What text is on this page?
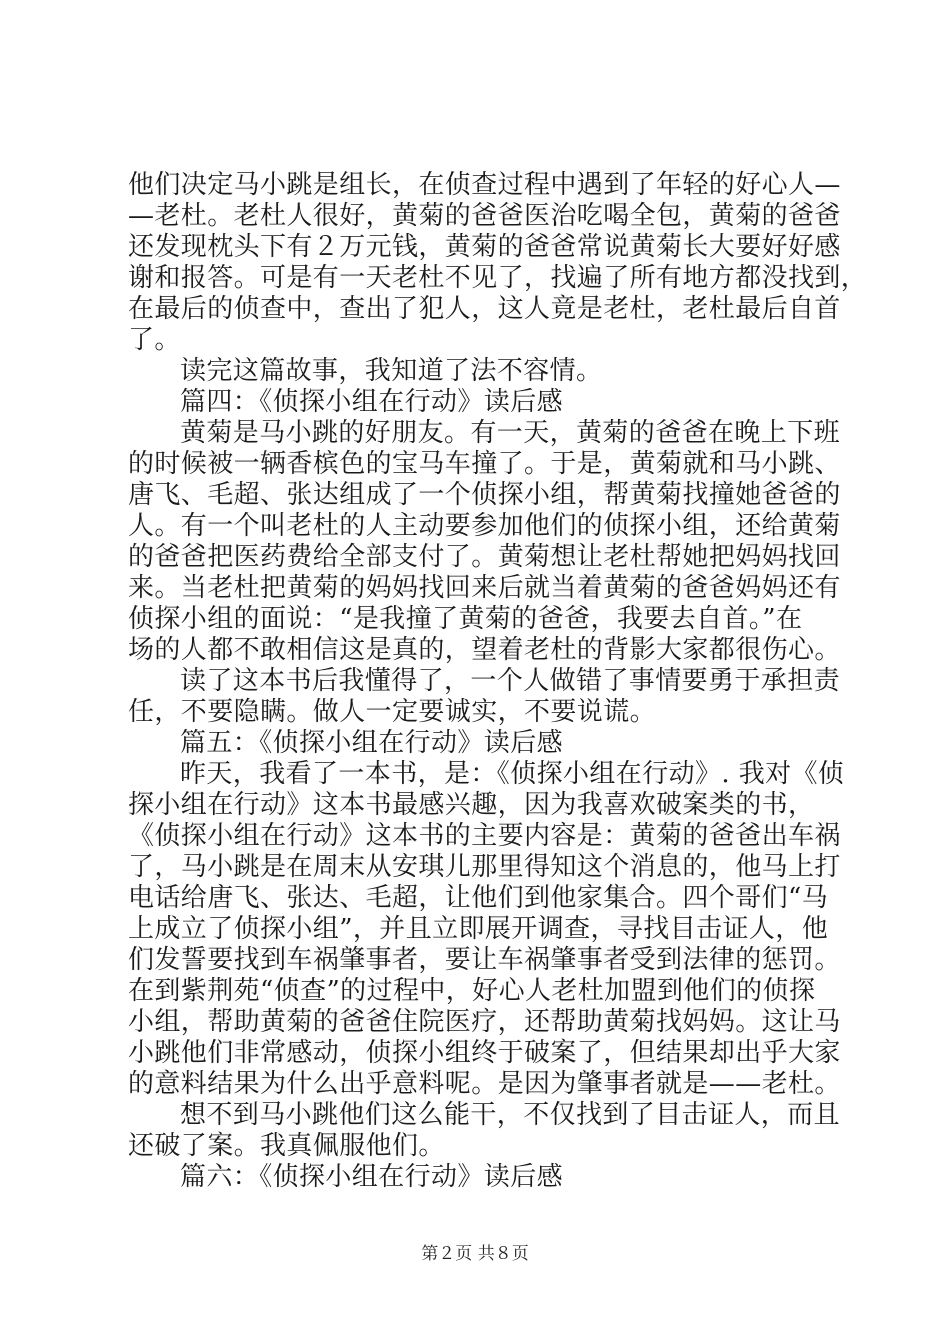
他们决定马小跳是组长，在侦查过程中遇到了年轻的好心人—
—老杜。老杜人很好，黄菊的爸爸医治吃喝全包，黄菊的爸爸
还发现枕头下有２万元钱，黄菊的爸爸常说黄菊长大要好好感
谢和报答。可是有一天老杜不见了，找遍了所有地方都没找到，
在最后的侦查中，查出了犯人，这人竟是老杜，老杜最后自首
了。
读完这篇故事，我知道了法不容情。
篇四：《侦探小组在行动》读后感
黄菊是马小跳的好朋友。有一天，黄菊的爸爸在晚上下班
的时候被一辆香槟色的宝马车撞了。于是，黄菊就和马小跳、
唐飞、毛超、张达组成了一个侦探小组，帮黄菊找撞她爸爸的
人。有一个叫老杜的人主动要参加他们的侦探小组，还给黄菊
的爸爸把医药费给全部支付了。黄菊想让老杜帮她把妈妈找回
来。当老杜把黄菊的妈妈找回来后就当着黄菊的爸爸妈妈还有
侦探小组的面说：“是我撞了黄菊的爸爸，我要去自首。”在
场的人都不敢相信这是真的，望着老杜的背影大家都很伤心。
读了这本书后我懂得了，一个人做错了事情要勇于承担责
任，不要隐瞒。做人一定要诚实，不要说谎。
篇五：《侦探小组在行动》读后感
昨天，我看了一本书，是：《侦探小组在行动》. 我对《侦
探小组在行动》这本书最感兴趣，因为我喜欢破案类的书，
《侦探小组在行动》这本书的主要内容是：黄菊的爸爸出车祸
了，马小跳是在周末从安琪儿那里得知这个消息的，他马上打
电话给唐飞、张达、毛超，让他们到他家集合。四个哥们“马
上成立了侦探小组”，并且立即展开调查，寻找目击证人，他
们发誓要找到车祸肇事者，要让车祸肇事者受到法律的惩罚。
在到紫荆苑“侦查”的过程中，好心人老杜加盟到他们的侦探
小组，帮助黄菊的爸爸住院医疗，还帮助黄菊找妈妈。这让马
小跳他们非常感动，侦探小组终于破案了，但结果却出乎大家
的意料结果为什么出乎意料呢。是因为肇事者就是——老杜。
想不到马小跳他们这么能干，不仅找到了目击证人，而且
还破了案。我真佩服他们。
篇六：《侦探小组在行动》读后感
第２页 共８页
